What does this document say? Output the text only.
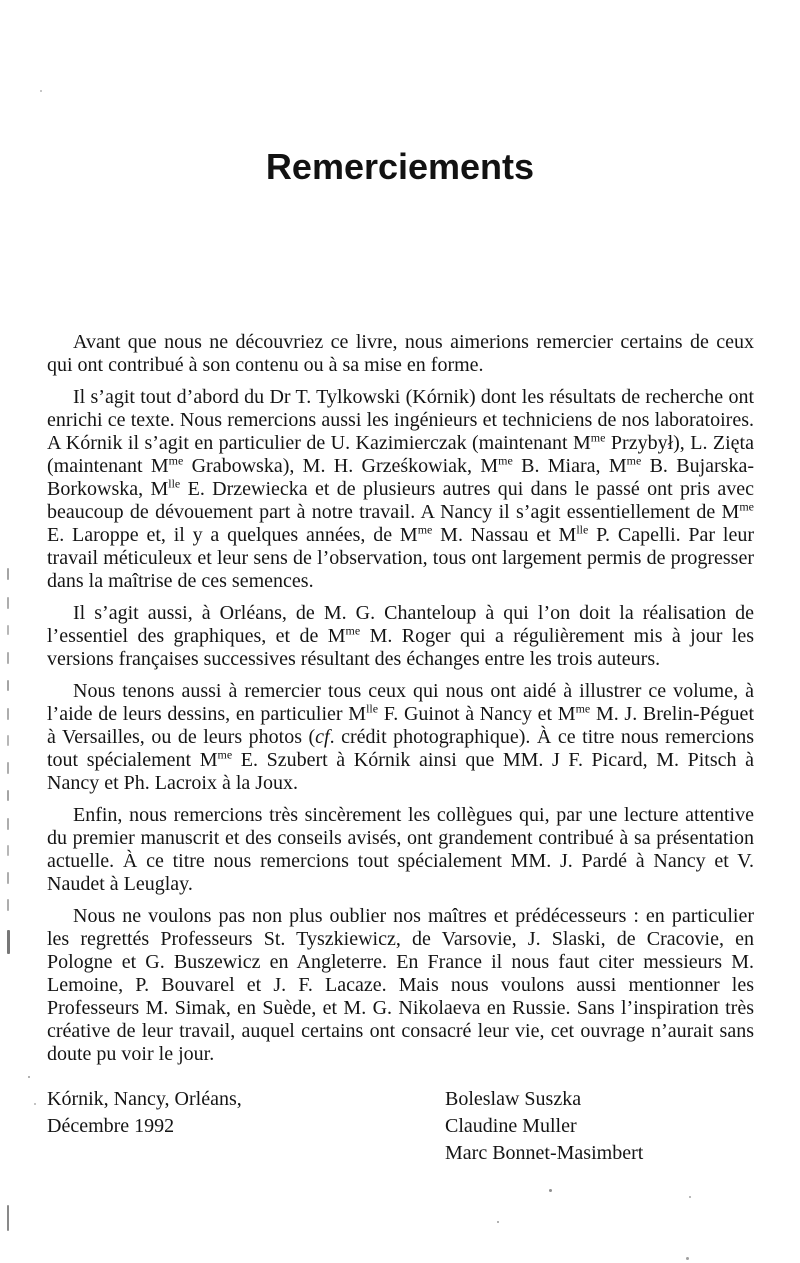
Remerciements

Avant que nous ne découvriez ce livre, nous aimerions remercier certains de ceux qui ont contribué à son contenu ou à sa mise en forme.

Il s’agit tout d’abord du Dr T. Tylkowski (Kórnik) dont les résultats de recherche ont enrichi ce texte. Nous remercions aussi les ingénieurs et techniciens de nos laboratoires. A Kórnik il s’agit en particulier de U. Kazimierczak (maintenant $M^{me}$ Przybył), L. Zięta (maintenant $M^{me}$ Grabowska), M. H. Grześkowiak, $M^{me}$ B. Miara, $M^{me}$ B. Bujarska-Borkowska, $M^{lle}$ E. Drzewiecka et de plusieurs autres qui dans le passé ont pris avec beaucoup de dévouement part à notre travail. A Nancy il s’agit essentiellement de $M^{me}$ E. Laroppe et, il y a quelques années, de $M^{me}$ M. Nassau et $M^{lle}$ P. Capelli. Par leur travail méticuleux et leur sens de l’observation, tous ont largement permis de progresser dans la maîtrise de ces semences.

Il s’agit aussi, à Orléans, de M. G. Chanteloup à qui l’on doit la réalisation de l’essentiel des graphiques, et de $M^{me}$ M. Roger qui a régulièrement mis à jour les versions françaises successives résultant des échanges entre les trois auteurs.

Nous tenons aussi à remercier tous ceux qui nous ont aidé à illustrer ce volume, à l’aide de leurs dessins, en particulier $M^{lle}$ F. Guinot à Nancy et $M^{me}$ M. J. Brelin-Péguet à Versailles, ou de leurs photos (cf. crédit photographique). À ce titre nous remercions tout spécialement $M^{me}$ E. Szubert à Kórnik ainsi que MM. J F. Picard, M. Pitsch à Nancy et Ph. Lacroix à la Joux.

Enfin, nous remercions très sincèrement les collègues qui, par une lecture attentive du premier manuscrit et des conseils avisés, ont grandement contribué à sa présentation actuelle. À ce titre nous remercions tout spécialement MM. J. Pardé à Nancy et V. Naudet à Leuglay.

Nous ne voulons pas non plus oublier nos maîtres et prédécesseurs : en particulier les regrettés Professeurs St. Tyszkiewicz, de Varsovie, J. Slaski, de Cracovie, en Pologne et G. Buszewicz en Angleterre. En France il nous faut citer messieurs M. Lemoine, P. Bouvarel et J. F. Lacaze. Mais nous voulons aussi mentionner les Professeurs M. Simak, en Suède, et M. G. Nikolaeva en Russie. Sans l’inspiration très créative de leur travail, auquel certains ont consacré leur vie, cet ouvrage n’aurait sans doute pu voir le jour.

Kórnik, Nancy, Orléans,
Décembre 1992
Boleslaw Suszka
Claudine Muller
Marc Bonnet-Masimbert
